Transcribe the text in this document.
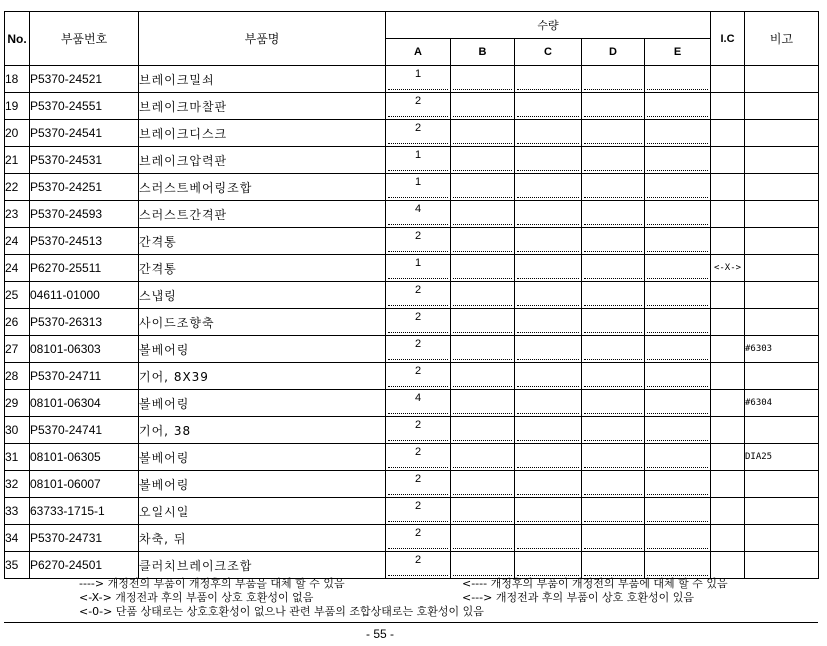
No.	부품번호	부품명	수량					I.C	비고
			A	B	C	D	E		
18	P5370-24521	브레이크밀쇠	1						

19	P5370-24551	브레이크마찰판	2						

20	P5370-24541	브레이크디스크	2						

21	P5370-24531	브레이크압력판	1						

22	P5370-24251	스러스트베어링조합	1						

23	P5370-24593	스러스트간격판	4						

24	P5370-24513	간격통	2						

24	P6270-25511	간격통	1					<-X->	
25	04611-01000	스냅링	2						

26	P5370-26313	사이드조향축	2						

27	08101-06303	볼베어링	2						#6303
28	P5370-24711	기어, 8X39	2						

29	08101-06304	볼베어링	4						#6304
30	P5370-24741	기어, 38	2						

31	08101-06305	볼베어링	2						DIA25
32	08101-06007	볼베어링	2						

33	63733-1715-1	오일시일	2						

34	P5370-24731	차축, 뒤	2						

35	P6270-24501	클러치브레이크조합	2						

----> 개정전의 부품이 개정후의 부품을 대체 할 수 있음	<---- 개정후의 부품이 개정전의 부품에 대체 할 수 있음
<-X-> 개정전과 후의 부품이 상호 호환성이 없음	<---> 개정전과 후의 부품이 상호 호환성이 있음
<-0-> 단품 상태로는 상호호환성이 없으나 관련 부품의 조합상태로는 호환성이 있음
- 55 -
